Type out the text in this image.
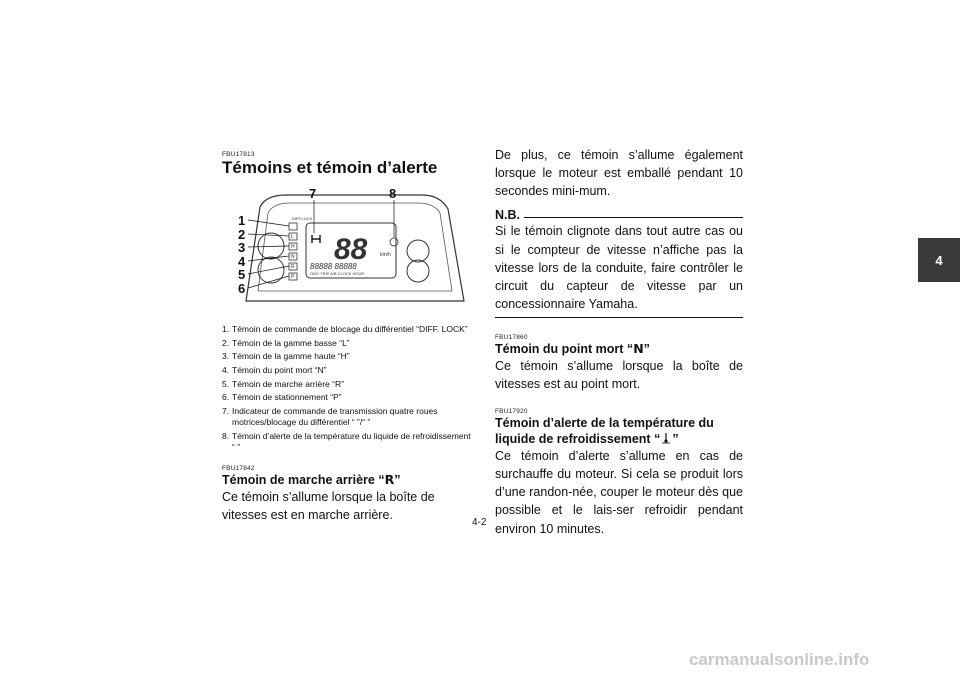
4
FBU17813
Témoins et témoin d’alerte
DIFF.LOCK
88	km/h
88888 88888
ODO TRIP A/B CLOCK HOUR
1
2
3
4
5
6
7	8
L
H
N
R
P
1. Témoin de commande de blocage du différentiel “DIFF. LOCK”
2. Témoin de la gamme basse “L”
3. Témoin de la gamme haute “H”
4. Témoin du point mort “N”
5. Témoin de marche arrière “R”
6. Témoin de stationnement “P”
7. Indicateur de commande de transmission quatre roues motrices/blocage du différentiel “ ”/“ ”
8. Témoin d’alerte de la température du liquide de refroidissement “ ”
FBU17842
Témoin de marche arrière “R”
Ce témoin s’allume lorsque la boîte de vitesses est en marche arrière.
De plus, ce témoin s’allume également lorsque le moteur est emballé pendant 10 secondes mini-mum.
N.B.
Si le témoin clignote dans tout autre cas ou si le compteur de vitesse n’affiche pas la vitesse lors de la conduite, faire contrôler le circuit du capteur de vitesse par un concessionnaire Yamaha.
FBU17860
Témoin du point mort “N”
Ce témoin s’allume lorsque la boîte de vitesses est au point mort.
FBU17920
Témoin d’alerte de la température du liquide de refroidissement “ ”
Ce témoin d’alerte s’allume en cas de surchauffe du moteur. Si cela se produit lors d’une randon-née, couper le moteur dès que possible et le lais-ser refroidir pendant environ 10 minutes.
4-2
carmanualsonline.info
